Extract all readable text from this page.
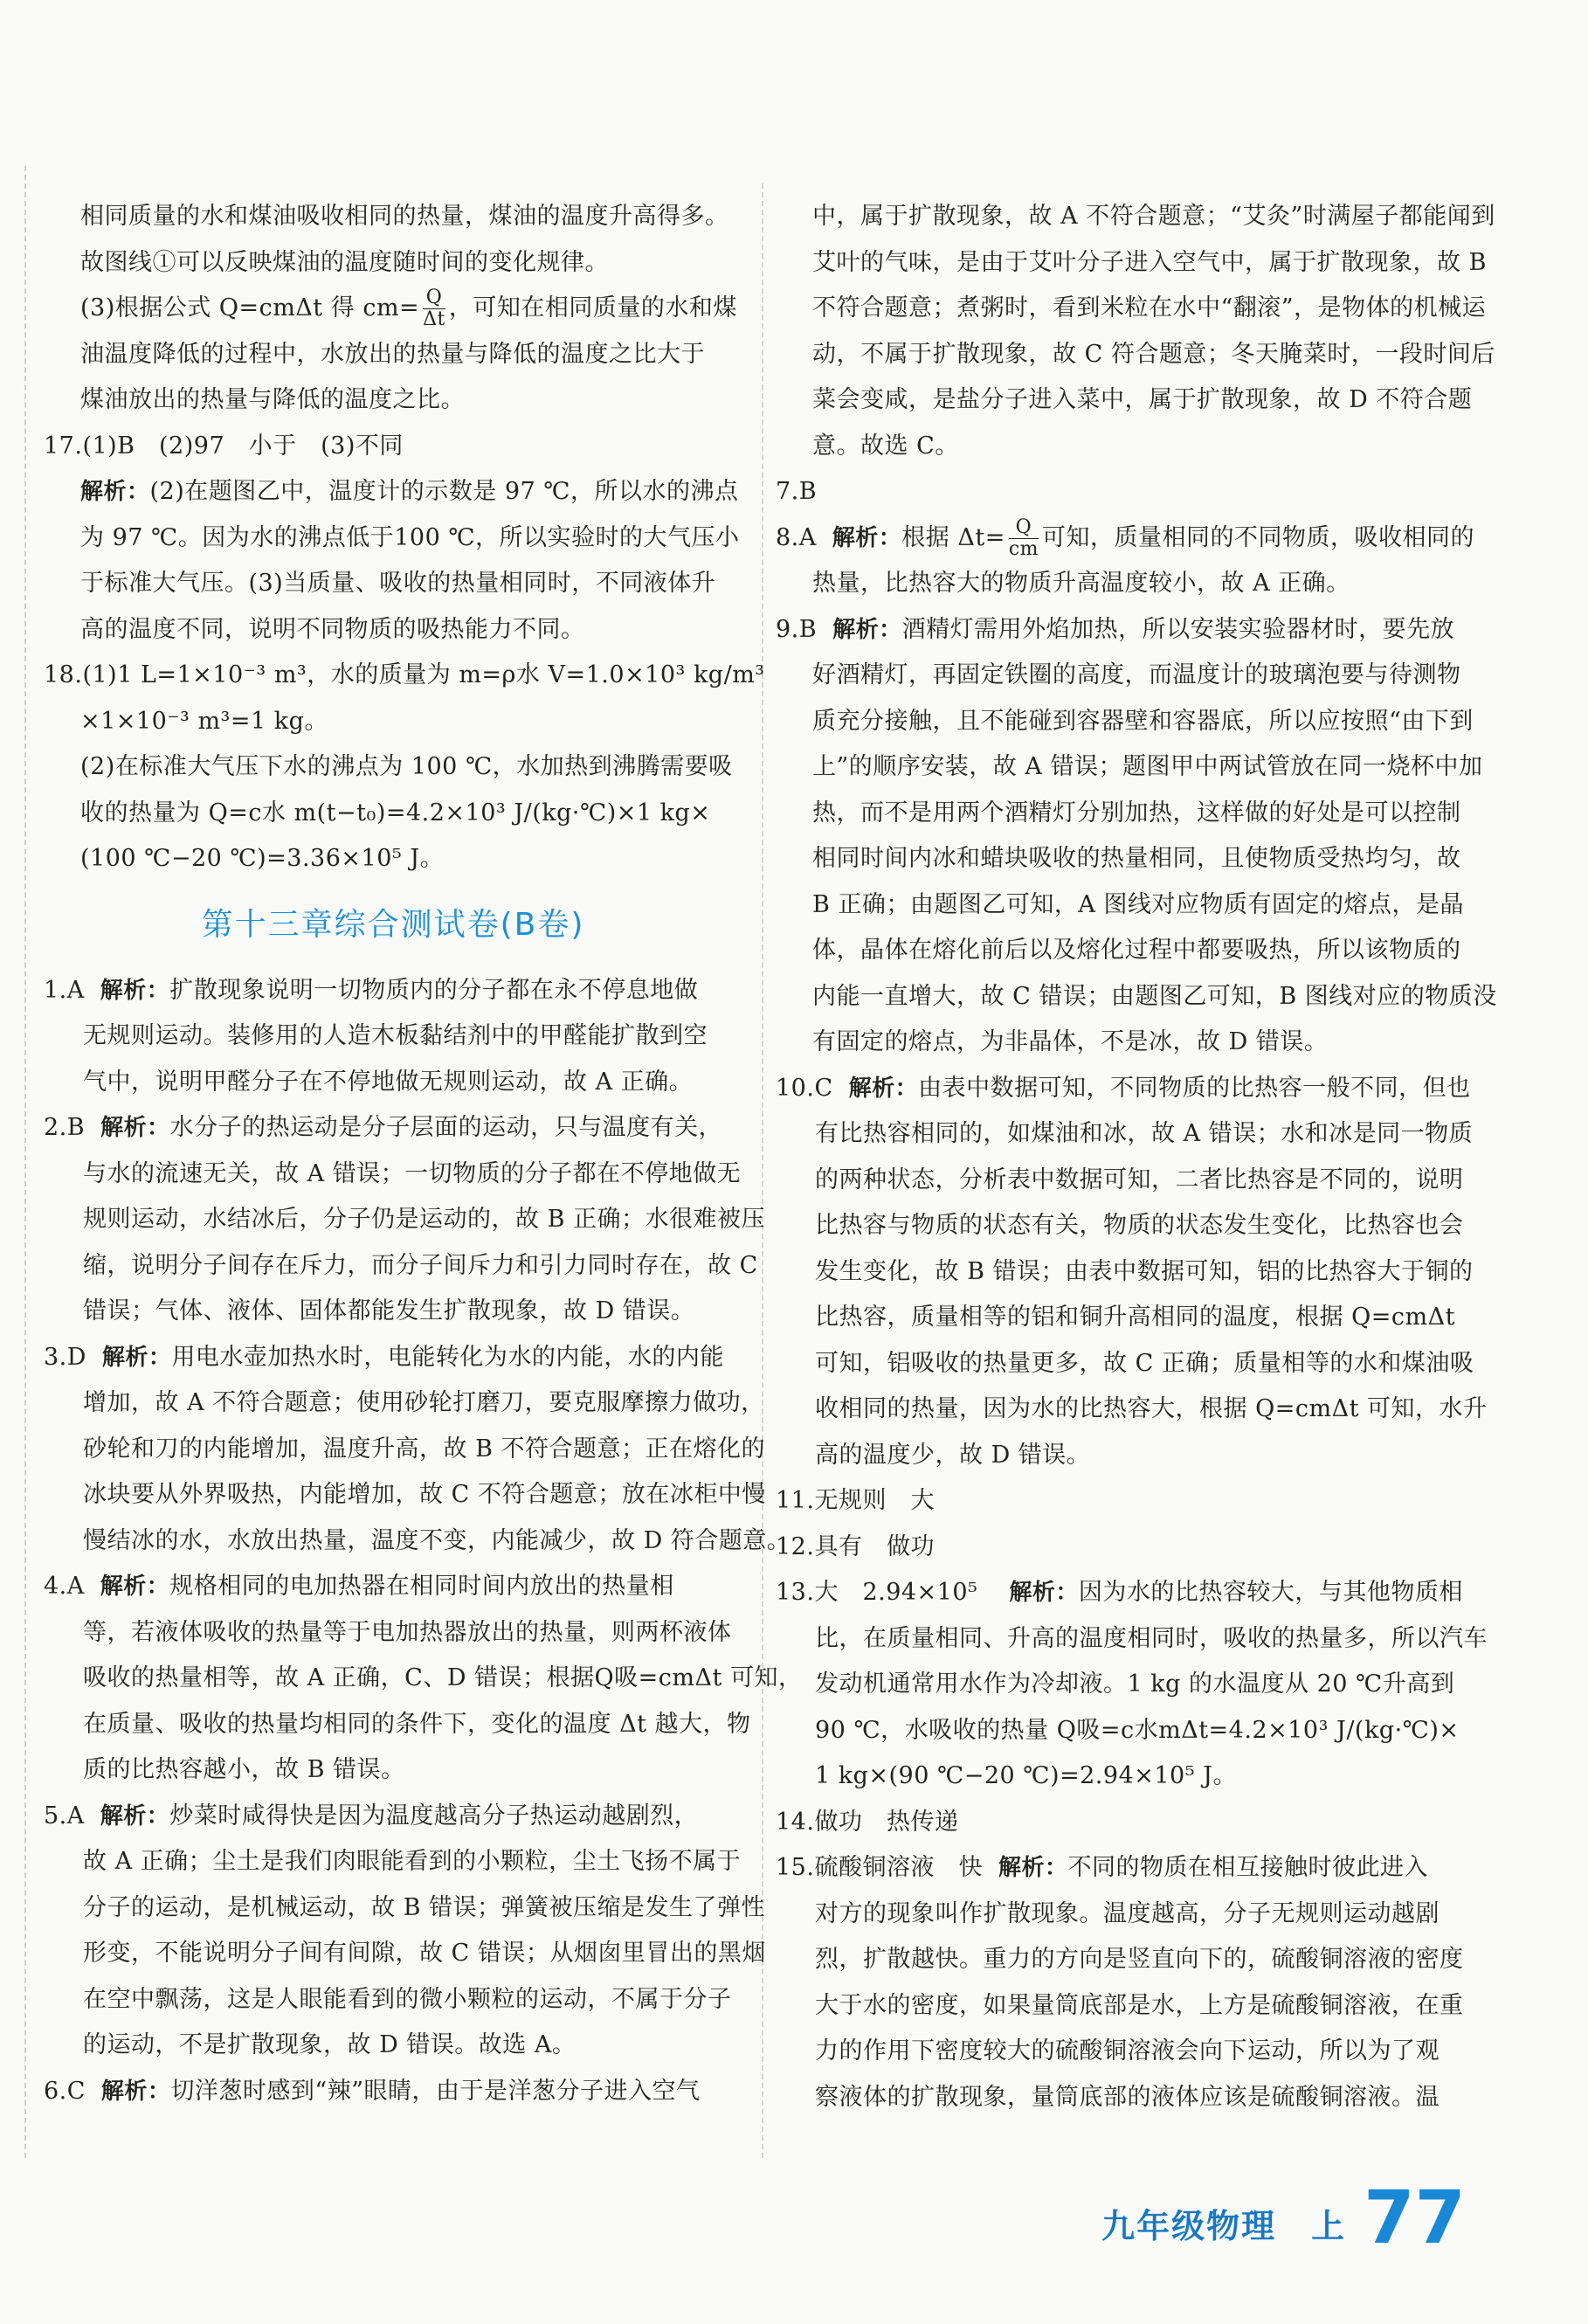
相同质量的水和煤油吸收相同的热量，煤油的温度升高得多。
故图线①可以反映煤油的温度随时间的变化规律。
(3)根据公式 Q=cmΔt 得 $cm= \frac{Q}{\Delta t}$ ，可知在相同质量的水和煤
油温度降低的过程中，水放出的热量与降低的温度之比大于
煤油放出的热量与降低的温度之比。
17.(1)B　(2)97　小于　(3)不同
解析：(2)在题图乙中，温度计的示数是 97 ℃，所以水的沸点
为 97 ℃。因为水的沸点低于100 ℃，所以实验时的大气压小
于标准大气压。(3)当质量、吸收的热量相同时，不同液体升
高的温度不同，说明不同物质的吸热能力不同。
18.(1)1 L=1×10⁻³ m³，水的质量为 m=ρ水 V=1.0×10³ kg/m³
×1×10⁻³ m³=1 kg。
(2)在标准大气压下水的沸点为 100 ℃，水加热到沸腾需要吸
收的热量为 Q=c水 m(t−t₀)=4.2×10³ J/(kg·℃)×1 kg×
(100 ℃−20 ℃)=3.36×10⁵ J。
第十三章综合测试卷(B卷)
1.A 解析：扩散现象说明一切物质内的分子都在永不停息地做
无规则运动。装修用的人造木板黏结剂中的甲醛能扩散到空
气中，说明甲醛分子在不停地做无规则运动，故 A 正确。
2.B 解析：水分子的热运动是分子层面的运动，只与温度有关，
与水的流速无关，故 A 错误；一切物质的分子都在不停地做无
规则运动，水结冰后，分子仍是运动的，故 B 正确；水很难被压
缩，说明分子间存在斥力，而分子间斥力和引力同时存在，故 C
错误；气体、液体、固体都能发生扩散现象，故 D 错误。
3.D 解析：用电水壶加热水时，电能转化为水的内能，水的内能
增加，故 A 不符合题意；使用砂轮打磨刀，要克服摩擦力做功，
砂轮和刀的内能增加，温度升高，故 B 不符合题意；正在熔化的
冰块要从外界吸热，内能增加，故 C 不符合题意；放在冰柜中慢
慢结冰的水，水放出热量，温度不变，内能减少，故 D 符合题意。
4.A 解析：规格相同的电加热器在相同时间内放出的热量相
等，若液体吸收的热量等于电加热器放出的热量，则两杯液体
吸收的热量相等，故 A 正确，C、D 错误；根据Q吸=cmΔt 可知，
在质量、吸收的热量均相同的条件下，变化的温度 Δt 越大，物
质的比热容越小，故 B 错误。
5.A 解析：炒菜时咸得快是因为温度越高分子热运动越剧烈，
故 A 正确；尘土是我们肉眼能看到的小颗粒，尘土飞扬不属于
分子的运动，是机械运动，故 B 错误；弹簧被压缩是发生了弹性
形变，不能说明分子间有间隙，故 C 错误；从烟囱里冒出的黑烟
在空中飘荡，这是人眼能看到的微小颗粒的运动，不属于分子
的运动，不是扩散现象，故 D 错误。故选 A。
6.C 解析：切洋葱时感到“辣”眼睛，由于是洋葱分子进入空气
中，属于扩散现象，故 A 不符合题意；“艾灸”时满屋子都能闻到
艾叶的气味，是由于艾叶分子进入空气中，属于扩散现象，故 B
不符合题意；煮粥时，看到米粒在水中“翻滚”，是物体的机械运
动，不属于扩散现象，故 C 符合题意；冬天腌菜时，一段时间后
菜会变咸，是盐分子进入菜中，属于扩散现象，故 D 不符合题
意。故选 C。
7.B
8.A 解析：根据 $\Delta t= \frac{Q}{cm}$ 可知，质量相同的不同物质，吸收相同的
热量，比热容大的物质升高温度较小，故 A 正确。
9.B 解析：酒精灯需用外焰加热，所以安装实验器材时，要先放
好酒精灯，再固定铁圈的高度，而温度计的玻璃泡要与待测物
质充分接触，且不能碰到容器壁和容器底，所以应按照“由下到
上”的顺序安装，故 A 错误；题图甲中两试管放在同一烧杯中加
热，而不是用两个酒精灯分别加热，这样做的好处是可以控制
相同时间内冰和蜡块吸收的热量相同，且使物质受热均匀，故
B 正确；由题图乙可知，A 图线对应物质有固定的熔点，是晶
体，晶体在熔化前后以及熔化过程中都要吸热，所以该物质的
内能一直增大，故 C 错误；由题图乙可知，B 图线对应的物质没
有固定的熔点，为非晶体，不是冰，故 D 错误。
10.C 解析：由表中数据可知，不同物质的比热容一般不同，但也
有比热容相同的，如煤油和冰，故 A 错误；水和冰是同一物质
的两种状态，分析表中数据可知，二者比热容是不同的，说明
比热容与物质的状态有关，物质的状态发生变化，比热容也会
发生变化，故 B 错误；由表中数据可知，铝的比热容大于铜的
比热容，质量相等的铝和铜升高相同的温度，根据 Q=cmΔt
可知，铝吸收的热量更多，故 C 正确；质量相等的水和煤油吸
收相同的热量，因为水的比热容大，根据 Q=cmΔt 可知，水升
高的温度少，故 D 错误。
11.无规则　大
12.具有　做功
13.大　2.94×10⁵ 解析：因为水的比热容较大，与其他物质相
比，在质量相同、升高的温度相同时，吸收的热量多，所以汽车
发动机通常用水作为冷却液。1 kg 的水温度从 20 ℃升高到
90 ℃，水吸收的热量 Q吸=c水mΔt=4.2×10³ J/(kg·℃)×
1 kg×(90 ℃−20 ℃)=2.94×10⁵ J。
14.做功　热传递
15.硫酸铜溶液　快 解析：不同的物质在相互接触时彼此进入
对方的现象叫作扩散现象。温度越高，分子无规则运动越剧
烈，扩散越快。重力的方向是竖直向下的，硫酸铜溶液的密度
大于水的密度，如果量筒底部是水，上方是硫酸铜溶液，在重
力的作用下密度较大的硫酸铜溶液会向下运动，所以为了观
察液体的扩散现象，量筒底部的液体应该是硫酸铜溶液。温
九年级物理　上 77
